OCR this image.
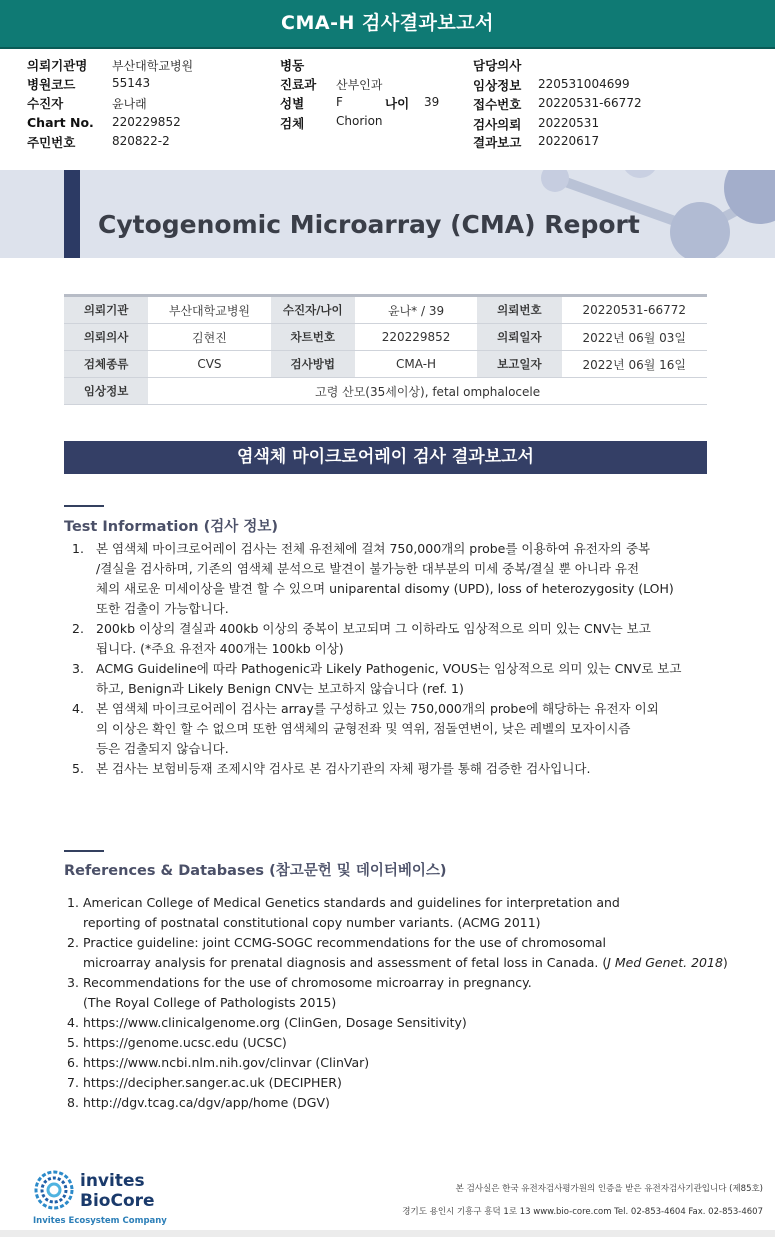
CMA-H 검사결과보고서
의뢰기관명 부산대학교병원
병원코드	55143
수진자	윤나래
Chart No. 220229852
주민번호	820822-2
병동
진료과 산부인과
성별	F	나이 39
검체	Chorion
담당의사
임상정보 220531004699
접수번호 20220531-66772
검사의뢰 20220531
결과보고 20220617
Cytogenomic Microarray (CMA) Report
의뢰기관	부산대학교병원	수진자/나이	윤나* / 39	의뢰번호	20220531-66772
의뢰의사	김현진	차트번호	220229852	의뢰일자	2022년 06월 03일
검체종류	CVS	검사방법	CMA-H	보고일자	2022년 06월 16일
임상정보	고령 산모(35세이상), fetal omphalocele				
염색체 마이크로어레이 검사 결과보고서
Test Information (검사 정보)
1. 본 염색체 마이크로어레이 검사는 전체 유전체에 걸쳐 750,000개의 probe를 이용하여 유전자의 중복
/결실을 검사하며, 기존의 염색체 분석으로 발견이 불가능한 대부분의 미세 중복/결실 뿐 아니라 유전
체의 새로운 미세이상을 발견 할 수 있으며 uniparental disomy (UPD), loss of heterozygosity (LOH)
또한 검출이 가능합니다.
2. 200kb 이상의 결실과 400kb 이상의 중복이 보고되며 그 이하라도 임상적으로 의미 있는 CNV는 보고
됩니다. (*주요 유전자 400개는 100kb 이상)
3. ACMG Guideline에 따라 Pathogenic과 Likely Pathogenic, VOUS는 임상적으로 의미 있는 CNV로 보고
하고, Benign과 Likely Benign CNV는 보고하지 않습니다 (ref. 1)
4. 본 염색체 마이크로어레이 검사는 array를 구성하고 있는 750,000개의 probe에 해당하는 유전자 이외
의 이상은 확인 할 수 없으며 또한 염색체의 균형전좌 및 역위, 점돌연변이, 낮은 레벨의 모자이시즘
등은 검출되지 않습니다.
5. 본 검사는 보험비등재 조제시약 검사로 본 검사기관의 자체 평가를 통해 검증한 검사입니다.
References & Databases (참고문헌 및 데이터베이스)
1. American College of Medical Genetics standards and guidelines for interpretation and
reporting of postnatal constitutional copy number variants. (ACMG 2011)
2. Practice guideline: joint CCMG-SOGC recommendations for the use of chromosomal
microarray analysis for prenatal diagnosis and assessment of fetal loss in Canada. (J Med Genet. 2018)
3. Recommendations for the use of chromosome microarray in pregnancy.
(The Royal College of Pathologists 2015)
4. https://www.clinicalgenome.org (ClinGen, Dosage Sensitivity)
5. https://genome.ucsc.edu (UCSC)
6. https://www.ncbi.nlm.nih.gov/clinvar (ClinVar)
7. https://decipher.sanger.ac.uk (DECIPHER)
8. http://dgv.tcag.ca/dgv/app/home (DGV)
invites
BioCore
Invites Ecosystem Company
본 검사실은 한국 유전자검사평가원의 인증을 받은 유전자검사기관입니다 (제85호)
경기도 용인시 기흥구 흥덕 1로 13 www.bio-core.com Tel. 02-853-4604 Fax. 02-853-4607
